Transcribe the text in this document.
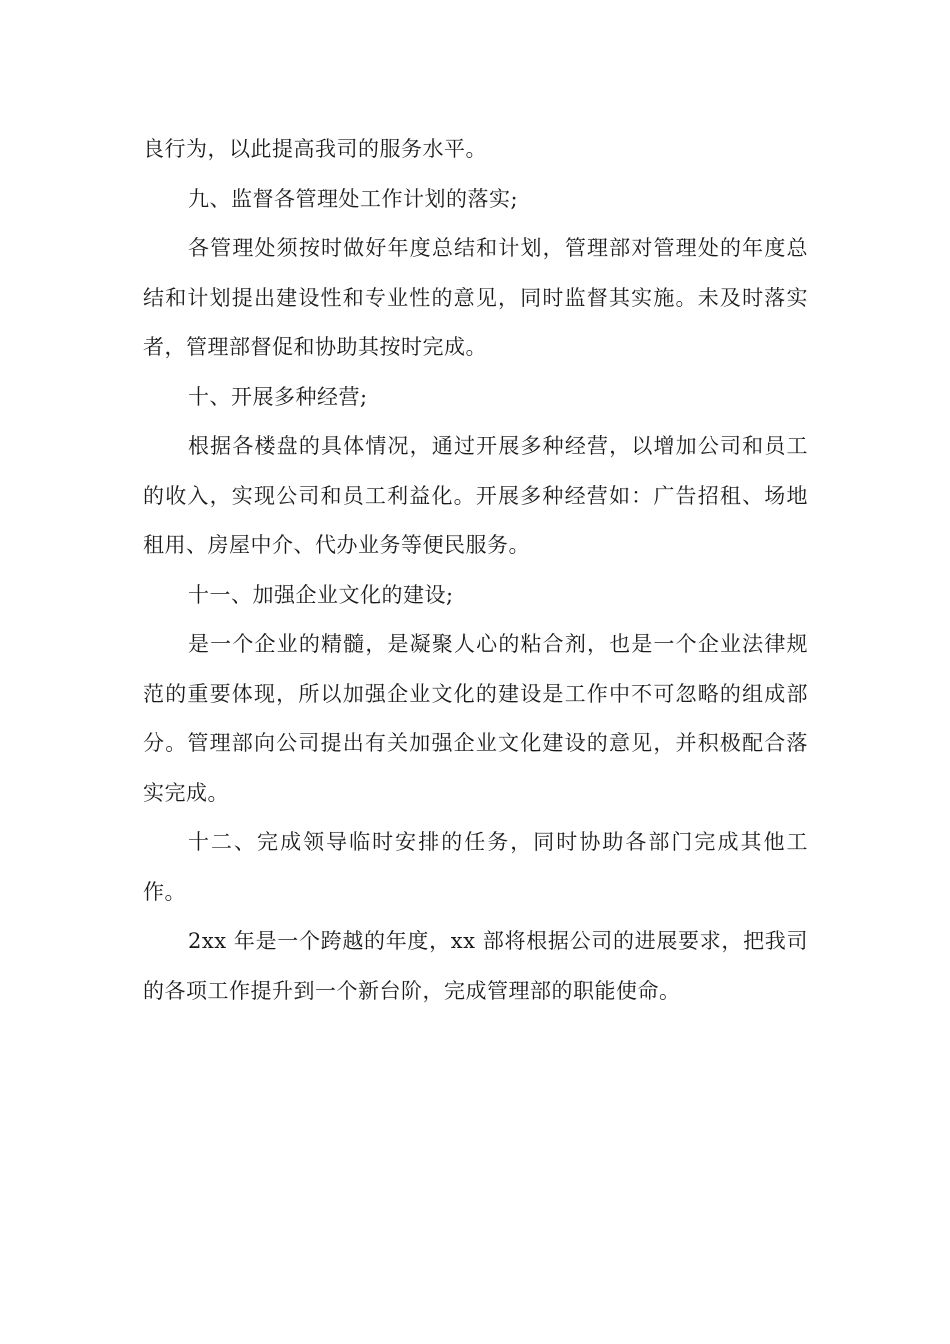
良行为，以此提高我司的服务水平。

九、监督各管理处工作计划的落实;

各管理处须按时做好年度总结和计划，管理部对管理处的年度总结和计划提出建设性和专业性的意见，同时监督其实施。未及时落实者，管理部督促和协助其按时完成。

十、开展多种经营;

根据各楼盘的具体情况，通过开展多种经营，以增加公司和员工的收入，实现公司和员工利益化。开展多种经营如：广告招租、场地租用、房屋中介、代办业务等便民服务。

十一、加强企业文化的建设;

是一个企业的精髓，是凝聚人心的粘合剂，也是一个企业法律规范的重要体现，所以加强企业文化的建设是工作中不可忽略的组成部分。管理部向公司提出有关加强企业文化建设的意见，并积极配合落实完成。

十二、完成领导临时安排的任务，同时协助各部门完成其他工作。

2xx 年是一个跨越的年度，xx 部将根据公司的进展要求，把我司的各项工作提升到一个新台阶，完成管理部的职能使命。
